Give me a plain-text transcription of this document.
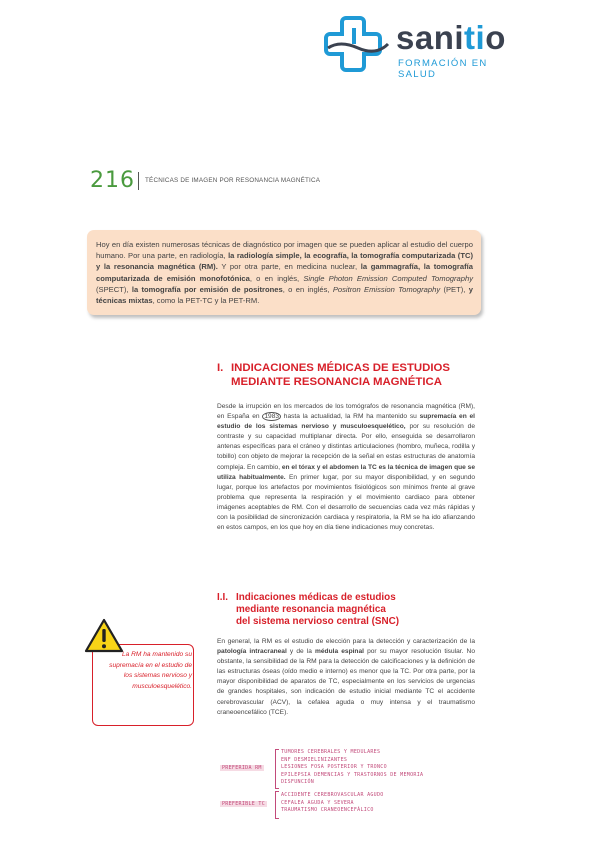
sanitio
FORMACIÓN EN SALUD
216 TÉCNICAS DE IMAGEN POR RESONANCIA MAGNÉTICA

Hoy en día existen numerosas técnicas de diagnóstico por imagen que se pueden aplicar al estudio del cuerpo humano. Por una parte, en radiología, la radiología simple, la ecografía, la tomografía computarizada (TC) y la resonancia magnética (RM). Y por otra parte, en medicina nuclear, la gammagrafía, la tomografía computarizada de emisión monofotónica, o en inglés, Single Photon Emission Computed Tomography (SPECT), la tomografía por emisión de positrones, o en inglés, Positron Emission Tomography (PET), y técnicas mixtas, como la PET-TC y la PET-RM.

I. INDICACIONES MÉDICAS DE ESTUDIOS
MEDIANTE RESONANCIA MAGNÉTICA

Desde la irrupción en los mercados de los tomógrafos de resonancia magnética (RM), en España en 1983 hasta la actualidad, la RM ha mantenido su supremacía en el estudio de los sistemas nervioso y musculoesquelético, por su resolución de contraste y su capacidad multiplanar directa. Por ello, enseguida se desarrollaron antenas específicas para el cráneo y distintas articulaciones (hombro, muñeca, rodilla y tobillo) con objeto de mejorar la recepción de la señal en estas estructuras de anatomía compleja. En cambio, en el tórax y el abdomen la TC es la técnica de imagen que se utiliza habitualmente. En primer lugar, por su mayor disponibilidad, y en segundo lugar, porque los artefactos por movimientos fisiológicos son mínimos frente al grave problema que representa la respiración y el movimiento cardiaco para obtener imágenes aceptables de RM. Con el desarrollo de secuencias cada vez más rápidas y con la posibilidad de sincronización cardiaca y respiratoria, la RM se ha ido afianzando en estos campos, en los que hoy en día tiene indicaciones muy concretas.

I.I. Indicaciones médicas de estudios
mediante resonancia magnética
del sistema nervioso central (SNC)

En general, la RM es el estudio de elección para la detección y caracterización de la patología intracraneal y de la médula espinal por su mayor resolución tisular. No obstante, la sensibilidad de la RM para la detección de calcificaciones y la definición de las estructuras óseas (oído medio e interno) es menor que la TC. Por otra parte, por la mayor disponibilidad de aparatos de TC, especialmente en los servicios de urgencias de grandes hospitales, son indicación de estudio inicial mediante TC el accidente cerebrovascular (ACV), la cefalea aguda o muy intensa y el traumatismo craneoencefálico (TCE).

La RM ha mantenido su supremacía en el estudio de los sistemas nervioso y musculoesquelético.
PREFERIDA RM
TUMORES CEREBRALES Y MEDULARES
ENF DESMIELINIZANTES
LESIONES FOSA POSTERIOR Y TRONCO
EPILEPSIA DEMENCIAS Y TRASTORNOS DE MEMORIA
DISFUNCIÓN
PREFERIBLE TC
ACCIDENTE CEREBROVASCULAR AGUDO
CEFALEA AGUDA Y SEVERA
TRAUMATISMO CRANEOENCEFÁLICO
